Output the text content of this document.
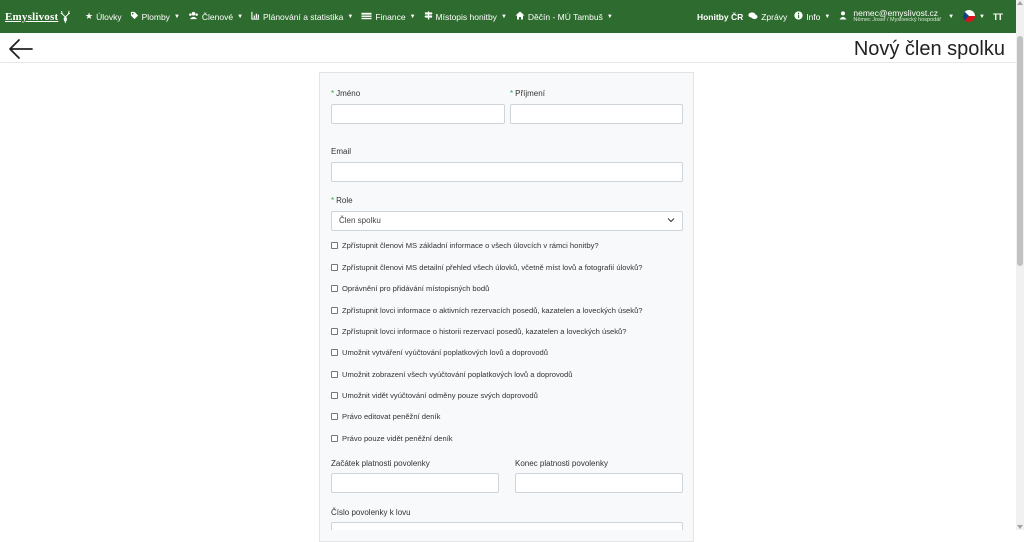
Emyslivost	★ Úlovky Plomby ▼	Členové ▼ Plánování a statistika ▼	Finance ▼ Místopis honitby ▼ Děčín - MÚ Tambuš ▼	Honitby ČR Zprávy Info ▼	nemec@emyslivost.cz
Němec Josef / Myslivecký hospodář
▼	▼ TT
Nový člen spolku
* Jméno	* Příjmení
Email
* Role
Člen spolku
Zpřístupnit členovi MS základní informace o všech úlovcích v rámci honitby?
Zpřístupnit členovi MS detailní přehled všech úlovků, včetně míst lovů a fotografií úlovků?
Oprávnění pro přidávání místopisných bodů
Zpřístupnit lovci informace o aktivních rezervacích posedů, kazatelen a loveckých úseků?
Zpřístupnit lovci informace o historii rezervací posedů, kazatelen a loveckých úseků?
Umožnit vytváření vyúčtování poplatkových lovů a doprovodů
Umožnit zobrazení všech vyúčtování poplatkových lovů a doprovodů
Umožnit vidět vyúčtování odměny pouze svých doprovodů
Právo editovat peněžní deník
Právo pouze vidět peněžní deník
Začátek platnosti povolenky	Konec platnosti povolenky
Číslo povolenky k lovu
